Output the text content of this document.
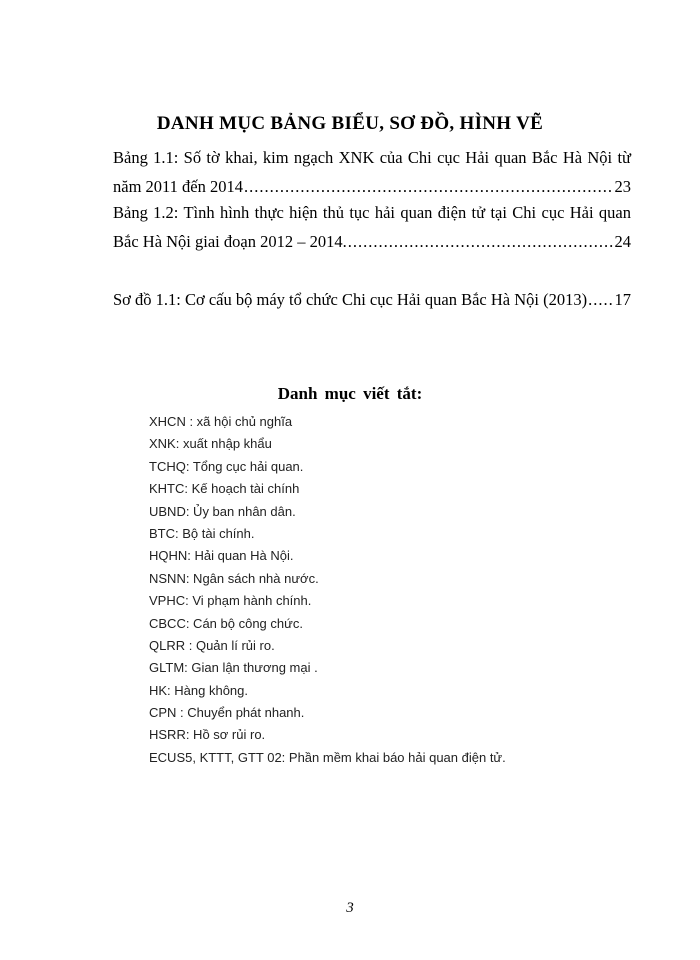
DANH MỤC BẢNG BIỂU, SƠ ĐỒ, HÌNH VẼ
Bảng 1.1: Số tờ khai, kim ngạch XNK của Chi cục Hải quan Bắc Hà Nội từ
năm 2011 đến 2014 .....	23
Bảng 1.2: Tình hình thực hiện thủ tục hải quan điện tử tại Chi cục Hải quan
Bắc Hà Nội giai đoạn 2012 – 2014. .....	24
Sơ đồ 1.1: Cơ cấu bộ máy tổ chức Chi cục Hải quan Bắc Hà Nội (2013) ..... 17
Danh mục viết tắt:
XHCN : xã hội chủ nghĩa
XNK: xuất nhập khẩu
TCHQ: Tổng cục hải quan.
KHTC: Kế hoạch tài chính
UBND: Ủy ban nhân dân.
BTC: Bộ tài chính.
HQHN: Hải quan Hà Nội.
NSNN: Ngân sách nhà nước.
VPHC: Vi phạm hành chính.
CBCC: Cán bộ công chức.
QLRR : Quản lí rủi ro.
GLTM: Gian lận thương mại .
HK: Hàng không.
CPN : Chuyển phát nhanh.
HSRR: Hồ sơ rủi ro.
ECUS5, KTTT, GTT 02: Phần mềm khai báo hải quan điện tử.
3
